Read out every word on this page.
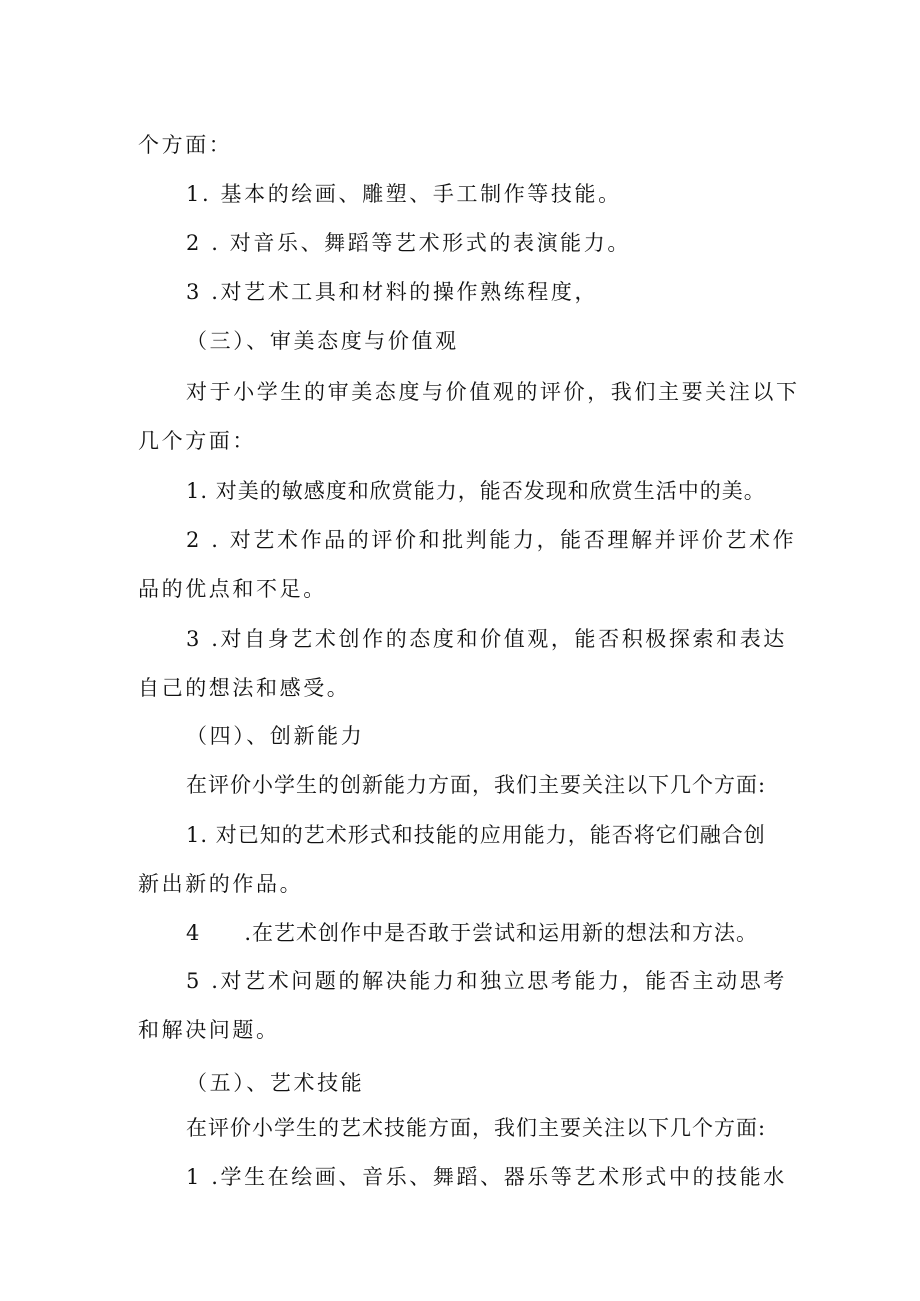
个方面：
1. 基本的绘画、雕塑、手工制作等技能。
2 . 对音乐、舞蹈等艺术形式的表演能力。
3 .对艺术工具和材料的操作熟练程度，
（三）、审美态度与价值观
对于小学生的审美态度与价值观的评价，我们主要关注以下
几个方面：
1. 对美的敏感度和欣赏能力，能否发现和欣赏生活中的美。
2 . 对艺术作品的评价和批判能力，能否理解并评价艺术作
品的优点和不足。
3 .对自身艺术创作的态度和价值观，能否积极探索和表达
自己的想法和感受。
（四）、创新能力
在评价小学生的创新能力方面，我们主要关注以下几个方面:
1. 对已知的艺术形式和技能的应用能力，能否将它们融合创
新出新的作品。
4　　.在艺术创作中是否敢于尝试和运用新的想法和方法。
5 .对艺术问题的解决能力和独立思考能力，能否主动思考
和解决问题。
（五）、艺术技能
在评价小学生的艺术技能方面，我们主要关注以下几个方面:
1 .学生在绘画、音乐、舞蹈、器乐等艺术形式中的技能水
